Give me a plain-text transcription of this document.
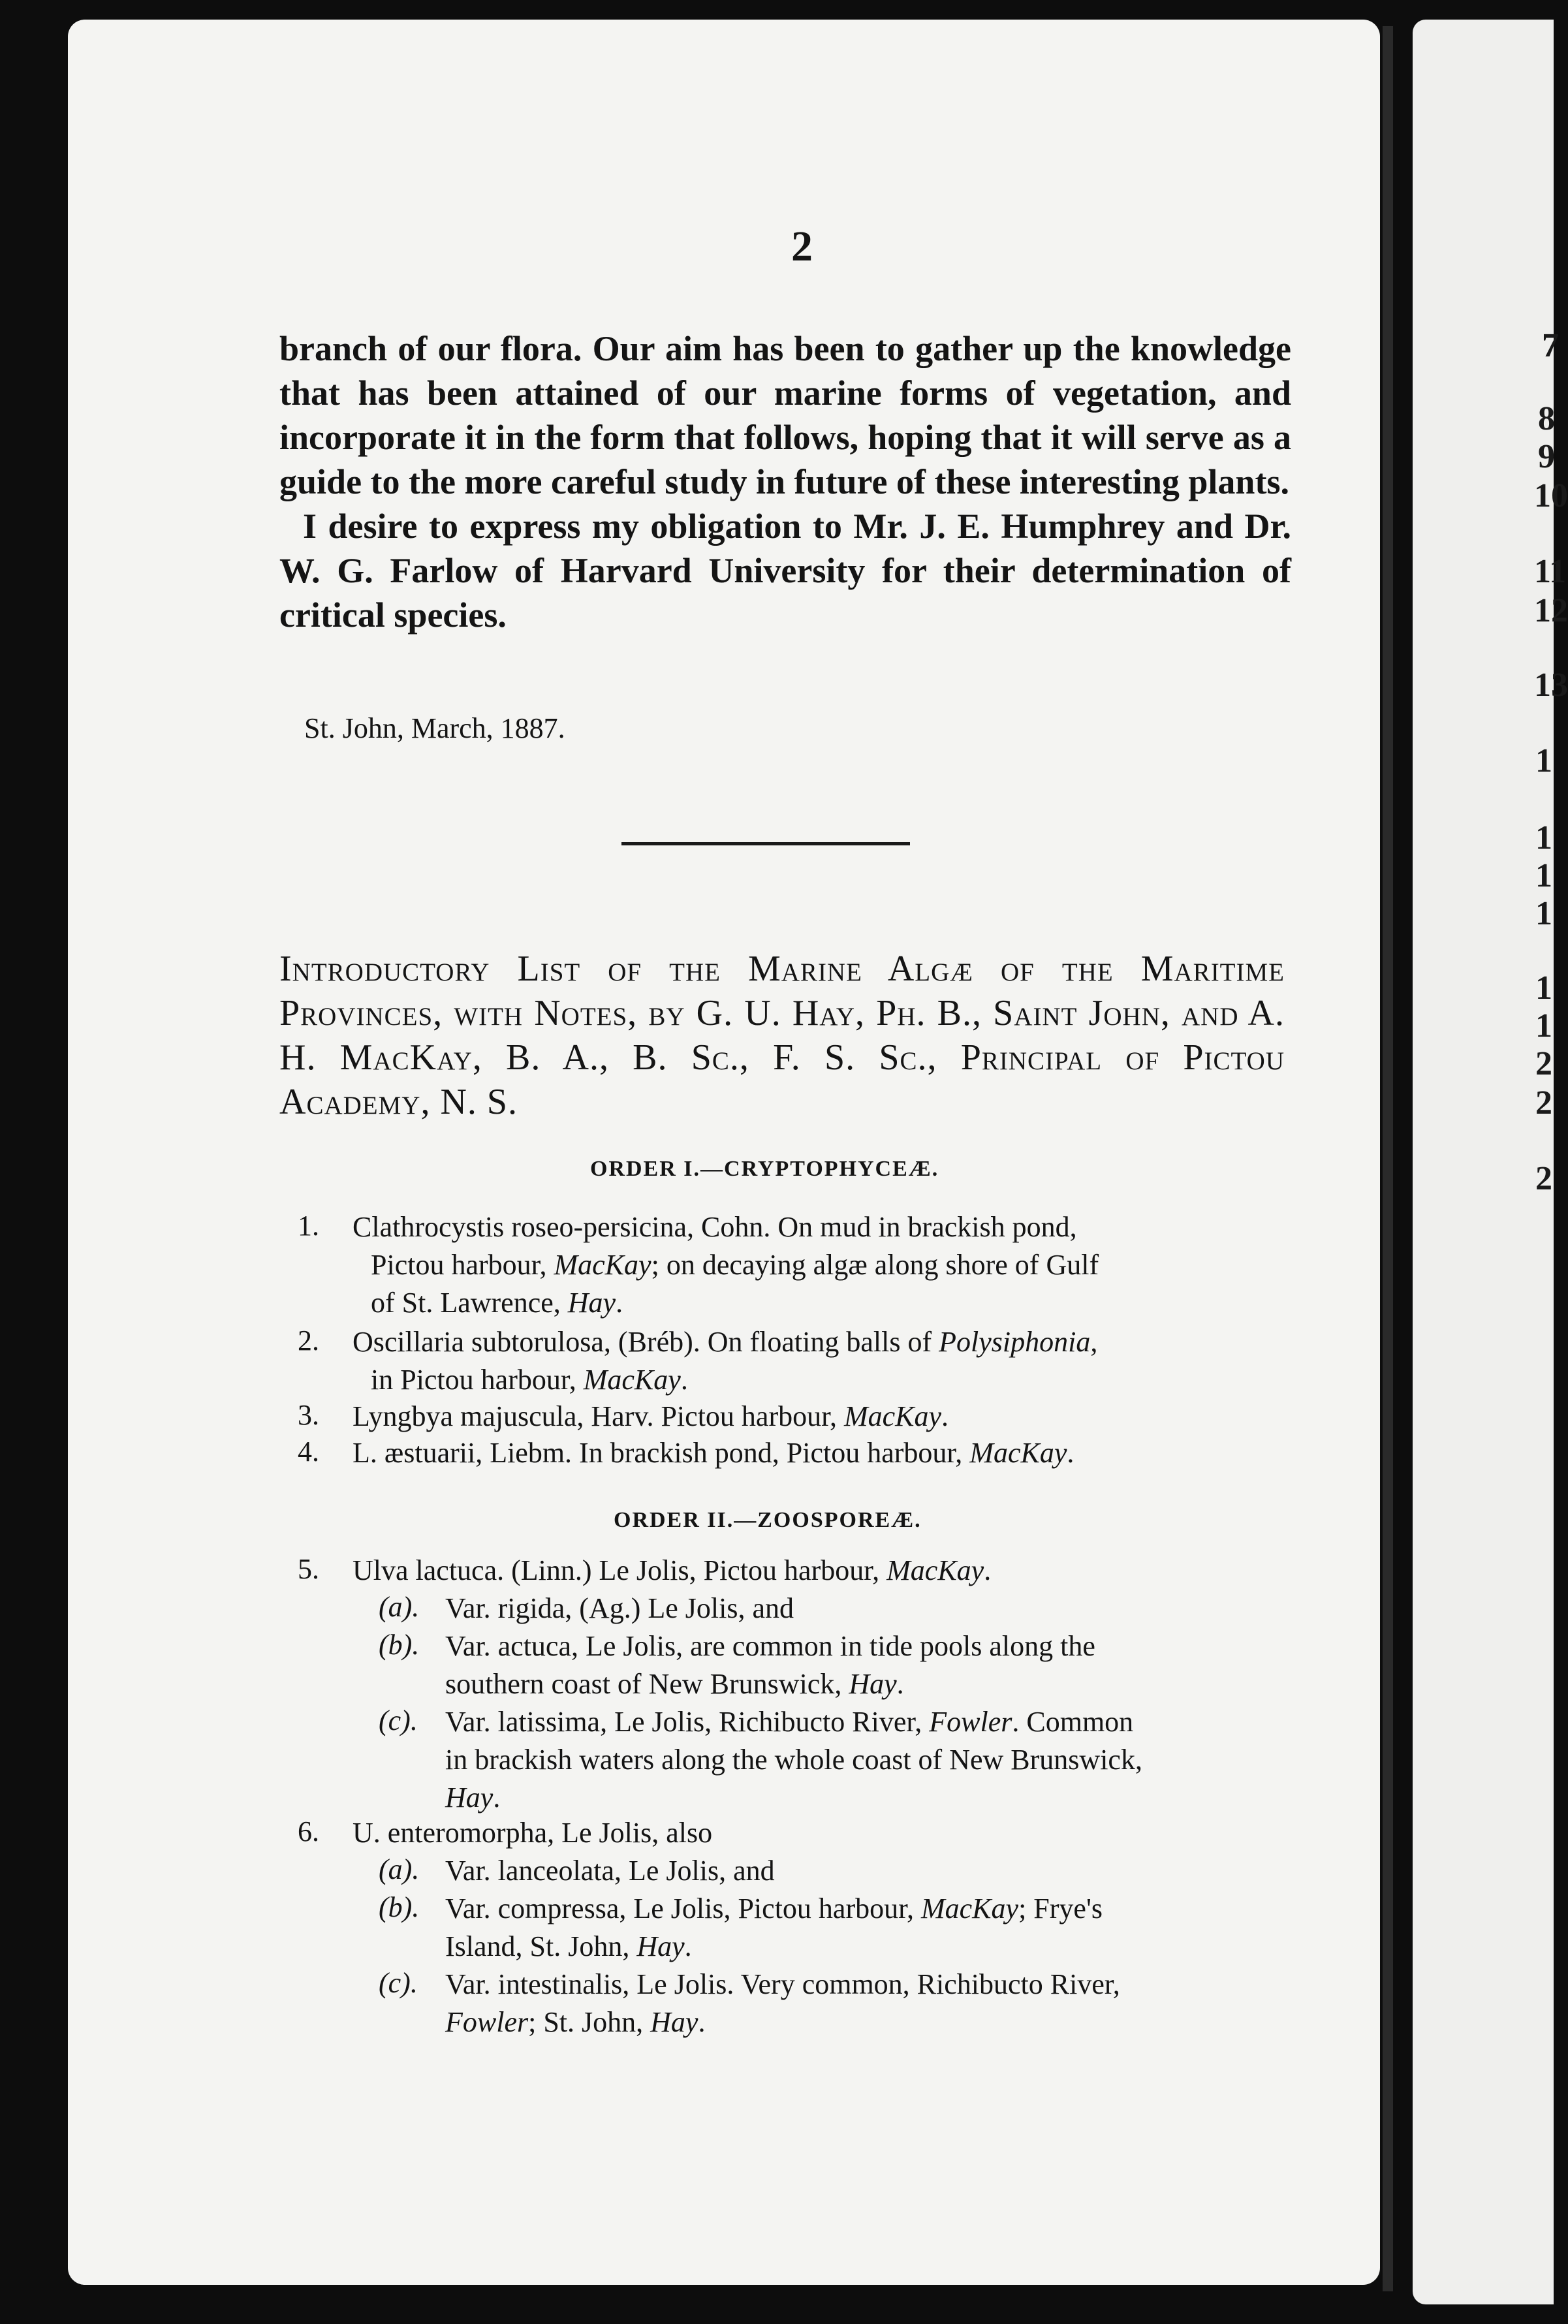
7
8
9
10
11
12
13
1
1
1
1
1
1
2
2
2
2

branch of our flora. Our aim has been to gather up the knowledge that has been attained of our marine forms of vegetation, and incorporate it in the form that follows, hoping that it will serve as a guide to the more careful study in future of these interesting plants.

I desire to express my obligation to Mr. J. E. Humphrey and Dr. W. G. Farlow of Harvard University for their determination of critical species.

St. John, March, 1887.

Introductory List of the Marine Algæ of the Maritime Provinces, with Notes, by G. U. Hay, Ph. B., Saint John, and A. H. MacKay, B. A., B. Sc., F. S. Sc., Principal of Pictou Academy, N. S.

ORDER I.—CRYPTOPHYCEÆ.
ORDER II.—ZOOSPOREÆ.
1. Clathrocystis roseo-persicina, Cohn. On mud in brackish pond,
Pictou harbour, MacKay; on decaying algæ along shore of Gulf
of St. Lawrence, Hay.
2. Oscillaria subtorulosa, (Bréb). On floating balls of Polysiphonia,
in Pictou harbour, MacKay.
3. Lyngbya majuscula, Harv. Pictou harbour, MacKay.
4. L. æstuarii, Liebm. In brackish pond, Pictou harbour, MacKay.
5. Ulva lactuca. (Linn.) Le Jolis, Pictou harbour, MacKay.
(a). Var. rigida, (Ag.) Le Jolis, and
(b). Var. actuca, Le Jolis, are common in tide pools along the
southern coast of New Brunswick, Hay.
(c). Var. latissima, Le Jolis, Richibucto River, Fowler. Common
in brackish waters along the whole coast of New Brunswick,
Hay.
6. U. enteromorpha, Le Jolis, also
(a). Var. lanceolata, Le Jolis, and
(b). Var. compressa, Le Jolis, Pictou harbour, MacKay; Frye's
Island, St. John, Hay.
(c). Var. intestinalis, Le Jolis. Very common, Richibucto River,
Fowler; St. John, Hay.
